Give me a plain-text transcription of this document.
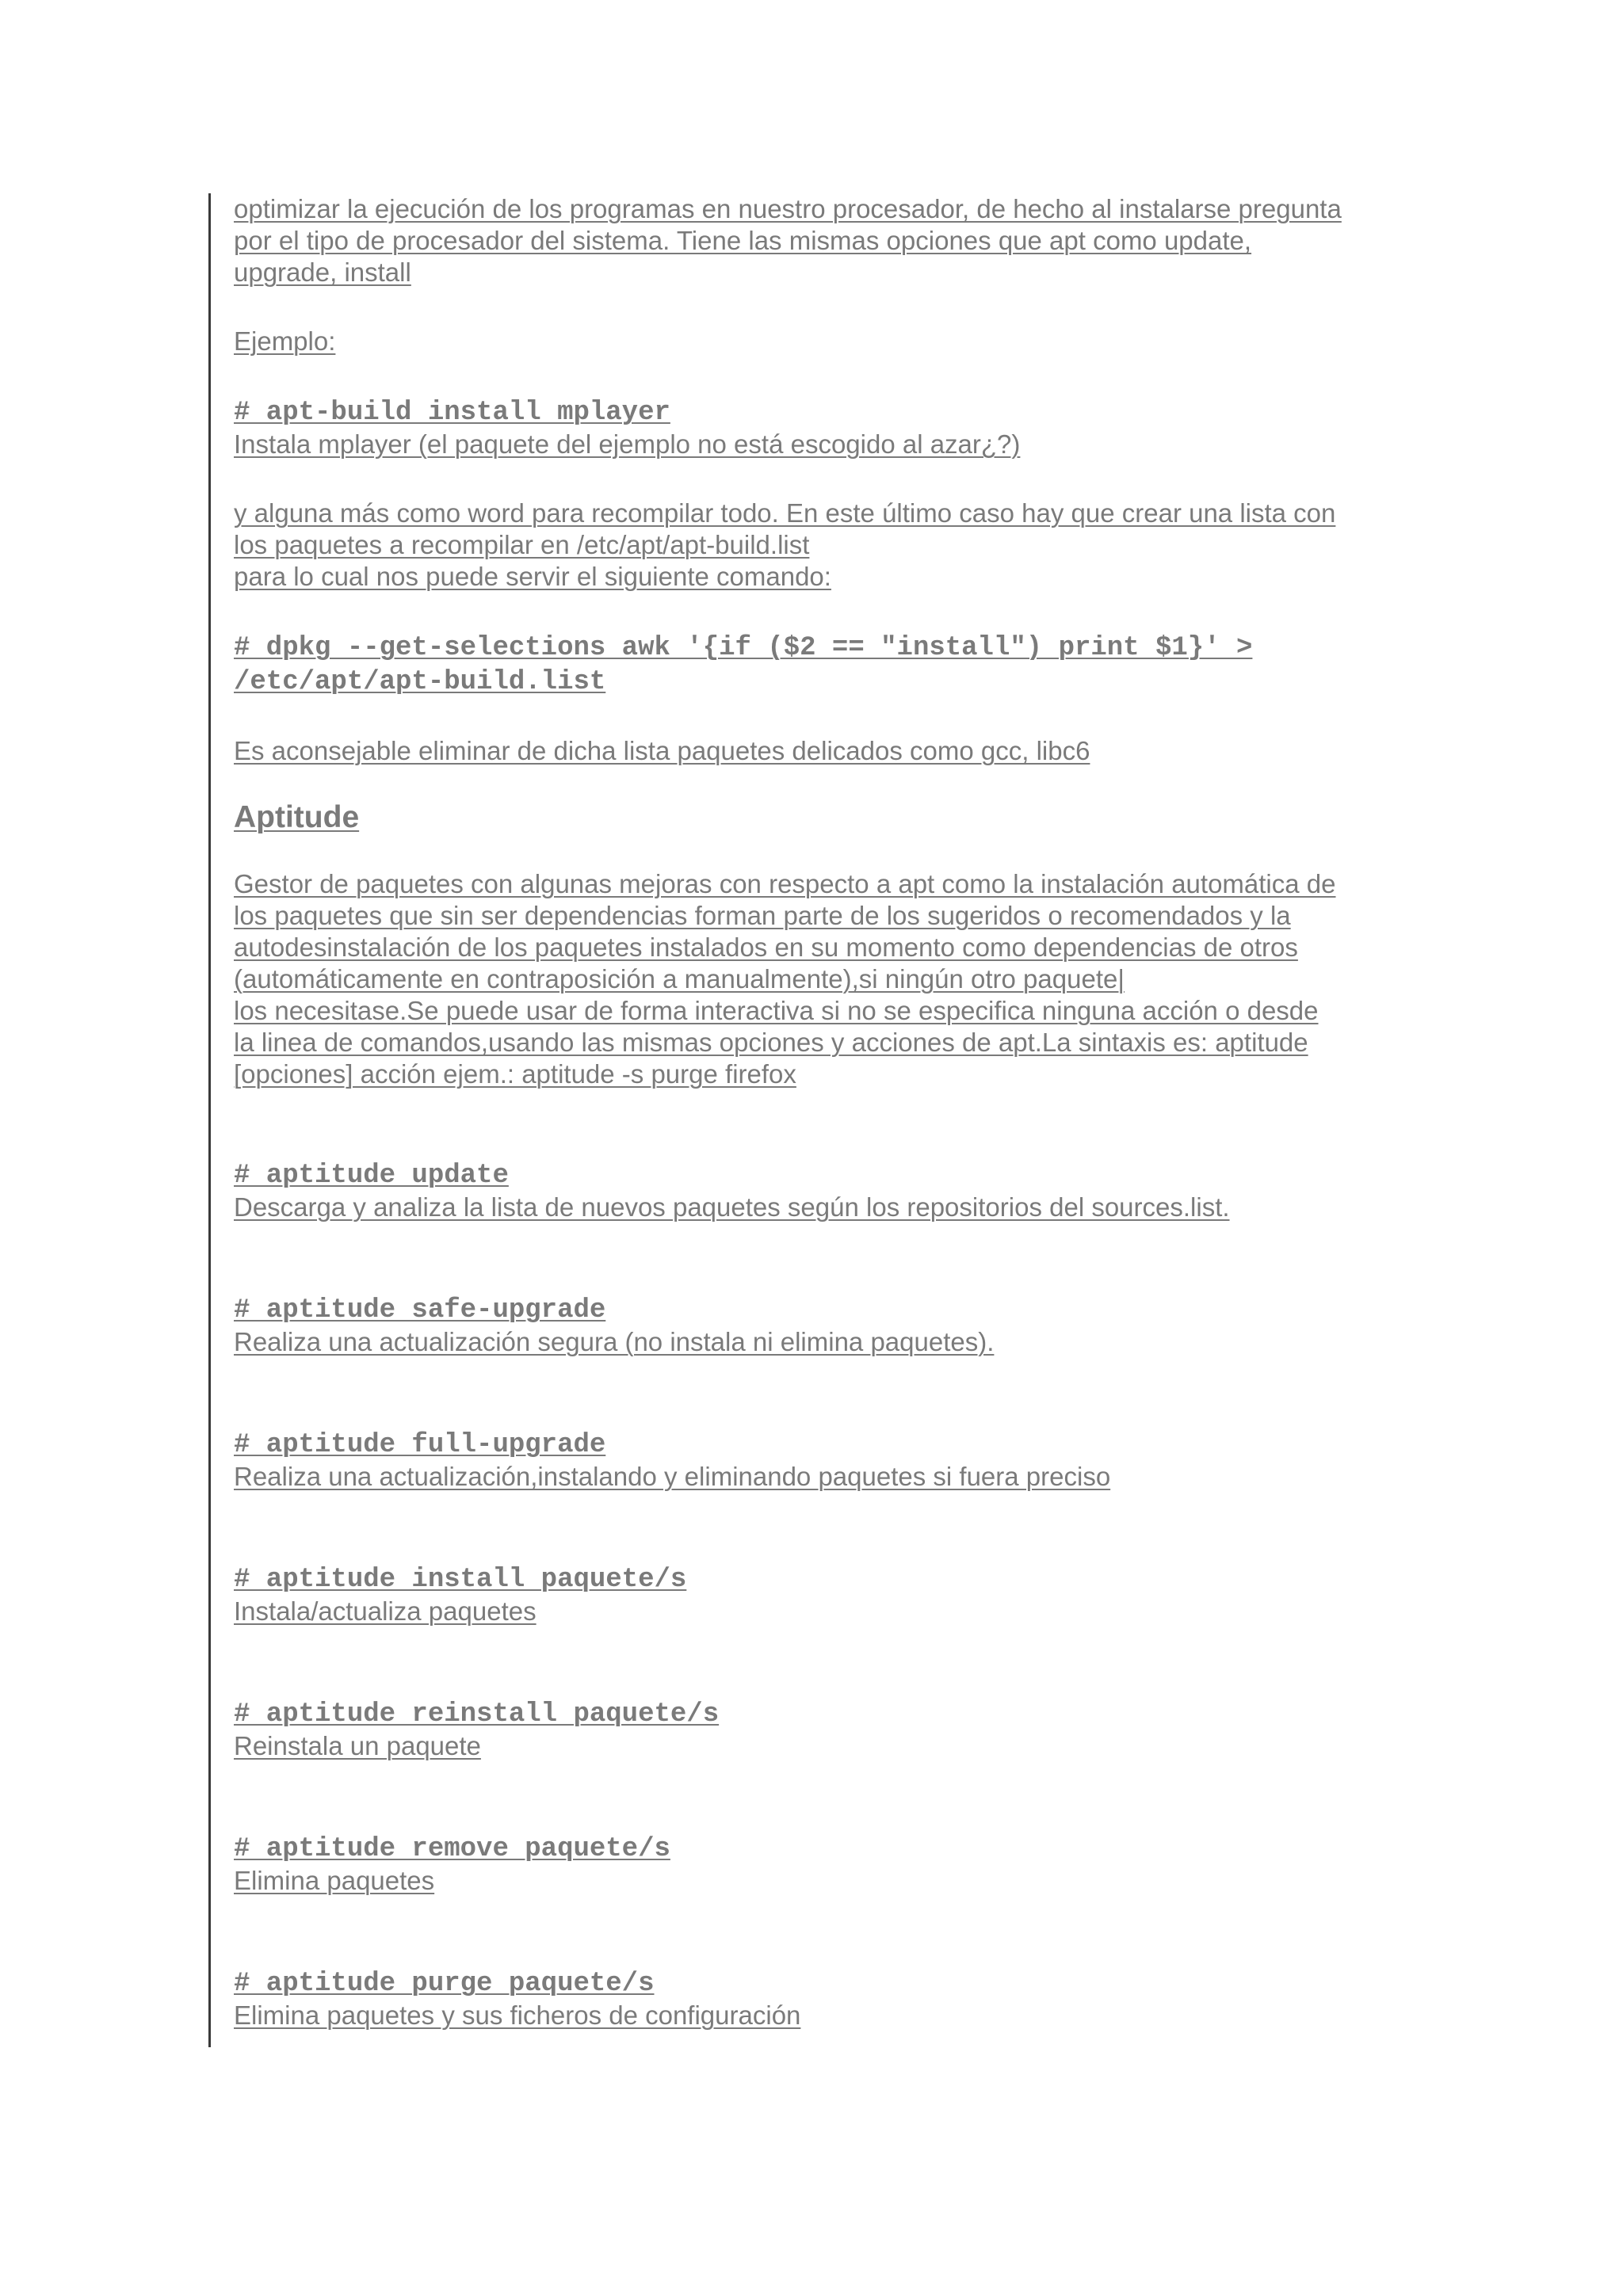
optimizar la ejecución de los programas en nuestro procesador, de hecho al instalarse pregunta
por el tipo de procesador del sistema. Tiene las mismas opciones que apt como update,
upgrade, install

Ejemplo:

# apt-build install mplayer

Instala mplayer (el paquete del ejemplo no está escogido al azar¿?)

y alguna más como word para recompilar todo. En este último caso hay que crear una lista con
los paquetes a recompilar en /etc/apt/apt-build.list
para lo cual nos puede servir el siguiente comando:

# dpkg --get-selections awk '{if ($2 == "install") print $1}' >
/etc/apt/apt-build.list

Es aconsejable eliminar de dicha lista paquetes delicados como gcc, libc6

Aptitude

Gestor de paquetes con algunas mejoras con respecto a apt como la instalación automática de
los paquetes que sin ser dependencias forman parte de los sugeridos o recomendados y la
autodesinstalación de los paquetes instalados en su momento como dependencias de otros
(automáticamente en contraposición a manualmente),si ningún otro paquete|
los necesitase.Se puede usar de forma interactiva si no se especifica ninguna acción o desde
la linea de comandos,usando las mismas opciones y acciones de apt.La sintaxis es: aptitude
[opciones] acción ejem.: aptitude -s purge firefox

# aptitude update
Descarga y analiza la lista de nuevos paquetes según los repositorios del sources.list.

# aptitude safe-upgrade
Realiza una actualización segura (no instala ni elimina paquetes).

# aptitude full-upgrade
Realiza una actualización,instalando y eliminando paquetes si fuera preciso

# aptitude install paquete/s
Instala/actualiza paquetes

# aptitude reinstall paquete/s
Reinstala un paquete

# aptitude remove paquete/s
Elimina paquetes

# aptitude purge paquete/s
Elimina paquetes y sus ficheros de configuración
